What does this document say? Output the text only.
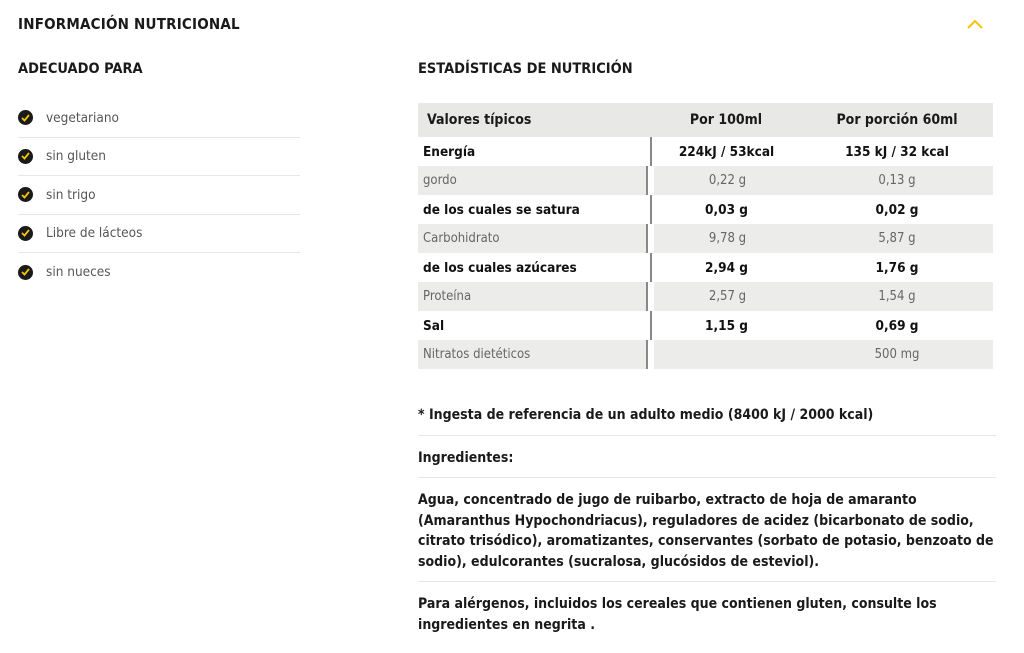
INFORMACIÓN NUTRICIONAL
ADECUADO PARA
vegetariano
sin gluten
sin trigo
Libre de lácteos
sin nueces
ESTADÍSTICAS DE NUTRICIÓN
Valores típicos	Por 100ml	Por porción 60ml
Energía	224kJ / 53kcal	135 kJ / 32 kcal
gordo	0,22 g	0,13 g
de los cuales se satura	0,03 g	0,02 g
Carbohidrato	9,78 g	5,87 g
de los cuales azúcares	2,94 g	1,76 g
Proteína	2,57 g	1,54 g
Sal	1,15 g	0,69 g
Nitratos dietéticos		500 mg
* Ingesta de referencia de un adulto medio (8400 kJ / 2000 kcal)
Ingredientes:
Agua, concentrado de jugo de ruibarbo, extracto de hoja de amaranto (Amaranthus Hypochondriacus), reguladores de acidez (bicarbonato de sodio, citrato trisódico), aromatizantes, conservantes (sorbato de potasio, benzoato de sodio), edulcorantes (sucralosa, glucósidos de esteviol).
Para alérgenos, incluidos los cereales que contienen gluten, consulte los ingredientes en negrita .
